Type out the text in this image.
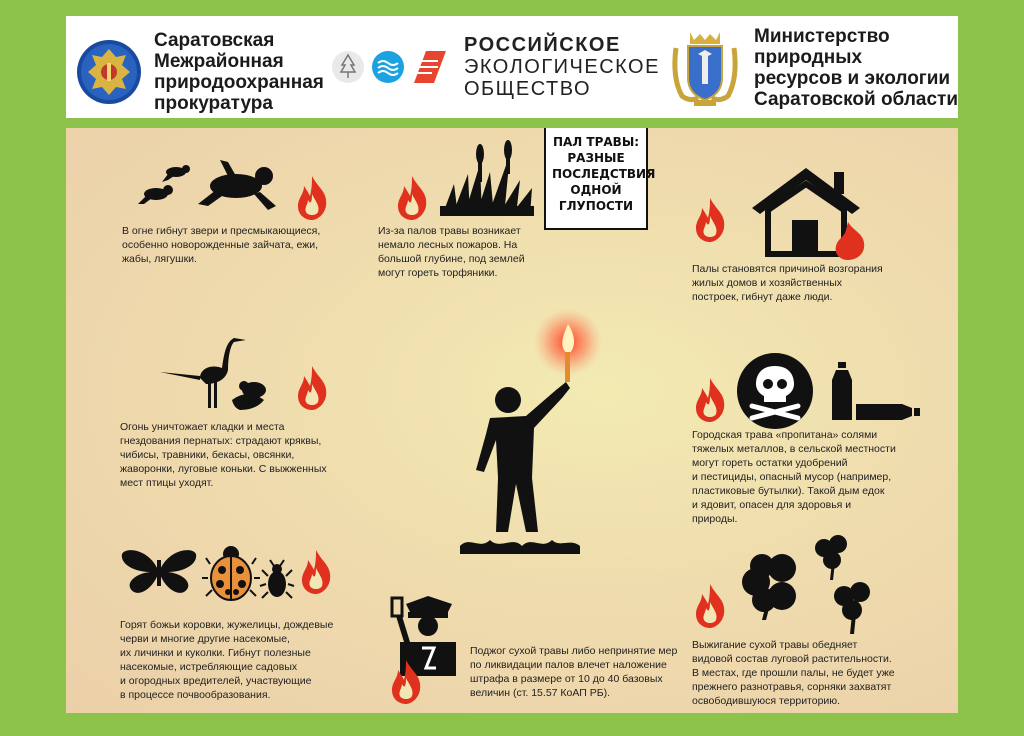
Саратовская
Межрайонная
природоохранная
прокуратура
РОССИЙСКОЕ
ЭКОЛОГИЧЕСКОЕ
ОБЩЕСТВО
Министерство
природных
ресурсов и экологии
Саратовской области
ПАЛ ТРАВЫ:
РАЗНЫЕ
ПОСЛЕДСТВИЯ
ОДНОЙ
ГЛУПОСТИ
В огне гибнут звери и пресмыкающиеся,
особенно новорожденные зайчата, ежи,
жабы, лягушки.
Из-за палов травы возникает
немало лесных пожаров. На
большой глубине, под землей
могут гореть торфяники.	Палы становятся причиной возгорания
жилых домов и хозяйственных
построек, гибнут даже люди.
Огонь уничтожает кладки и места
гнездования пернатых: страдают кряквы,
чибисы, травники, бекасы, овсянки,
жаворонки, луговые коньки. С выжженных
мест птицы уходят.
Городская трава «пропитана» солями
тяжелых металлов, в сельской местности
могут гореть остатки удобрений
и пестициды, опасный мусор (например,
пластиковые бутылки). Такой дым едок
и ядовит, опасен для здоровья и
природы.
Горят божьи коровки, жужелицы, дождевые
черви и многие другие насекомые,
их личинки и куколки. Гибнут полезные
насекомые, истребляющие садовых
и огородных вредителей, участвующие
в процессе почвообразования.
Поджог сухой травы либо непринятие мер
по ликвидации палов влечет наложение
штрафа в размере от 10 до 40 базовых
величин (ст. 15.57 КоАП РБ).
Выжигание сухой травы обедняет
видовой состав луговой растительности.
В местах, где прошли палы, не будет уже
прежнего разнотравья, сорняки захватят
освободившуюся территорию.
